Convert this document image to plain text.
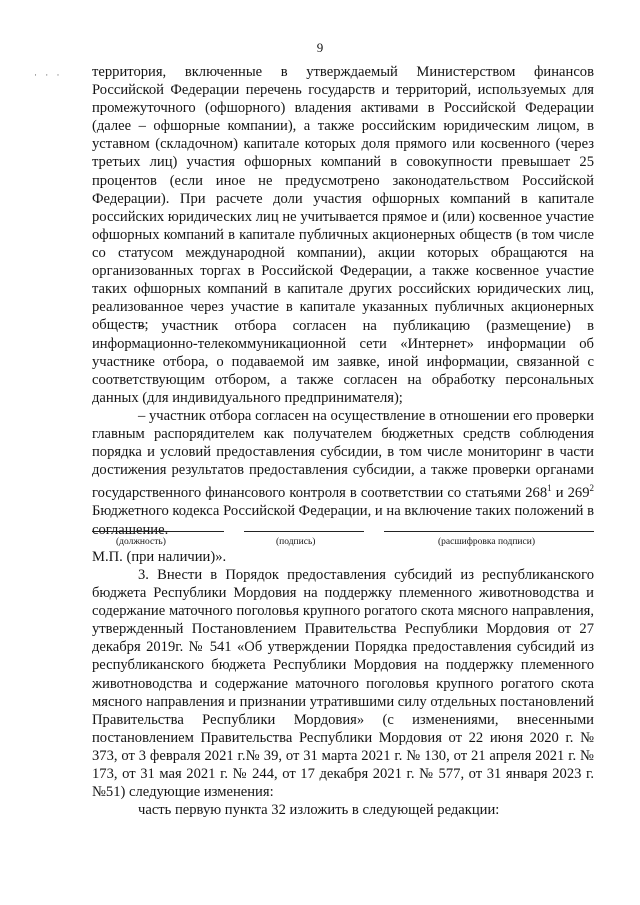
9
· · · территория, включенные в утверждаемый Министерством финансов Российской Федерации перечень государств и территорий, используемых для промежуточного (офшорного) владения активами в Российской Федерации (далее – офшорные компании), а также российским юридическим лицом, в уставном (складочном) капитале которых доля прямого или косвенного (через третьих лиц) участия офшорных компаний в совокупности превышает 25 процентов (если иное не предусмотрено законодательством Российской Федерации). При расчете доли участия офшорных компаний в капитале российских юридических лиц не учитывается прямое и (или) косвенное участие офшорных компаний в капитале публичных акционерных обществ (в том числе со статусом международной компании), акции которых обращаются на организованных торгах в Российской Федерации, а также косвенное участие таких офшорных компаний в капитале других российских юридических лиц, реализованное через участие в капитале указанных публичных акционерных обществ;

– участник отбора согласен на публикацию (размещение) в информационно-телекоммуникационной сети «Интернет» информации об участнике отбора, о подаваемой им заявке, иной информации, связанной с соответствующим отбором, а также согласен на обработку персональных данных (для индивидуального предпринимателя);

– участник отбора согласен на осуществление в отношении его проверки главным распорядителем как получателем бюджетных средств соблюдения порядка и условий предоставления субсидии, в том числе мониторинг в части достижения результатов предоставления субсидии, а также проверки органами государственного финансового контроля в соответствии со статьями $268^1$ и $269^2$ Бюджетного кодекса Российской Федерации, и на включение таких положений в соглашение.

(должность)	(подпись)	(расшифровка подписи)

М.П. (при наличии)».

3. Внести в Порядок предоставления субсидий из республиканского бюджета Республики Мордовия на поддержку племенного животноводства и содержание маточного поголовья крупного рогатого скота мясного направления, утвержденный Постановлением Правительства Республики Мордовия от 27 декабря 2019г. № 541 «Об утверждении Порядка предоставления субсидий из республиканского бюджета Республики Мордовия на поддержку племенного животноводства и содержание маточного поголовья крупного рогатого скота мясного направления и признании утратившими силу отдельных постановлений Правительства Республики Мордовия» (с изменениями, внесенными постановлением Правительства Республики Мордовия от 22 июня 2020 г. № 373, от 3 февраля 2021 г.№ 39, от 31 марта 2021 г. № 130, от 21 апреля 2021 г. № 173, от 31 мая 2021 г. № 244, от 17 декабря 2021 г. № 577, от 31 января 2023 г. №51) следующие изменения:

часть первую пункта 32 изложить в следующей редакции:
